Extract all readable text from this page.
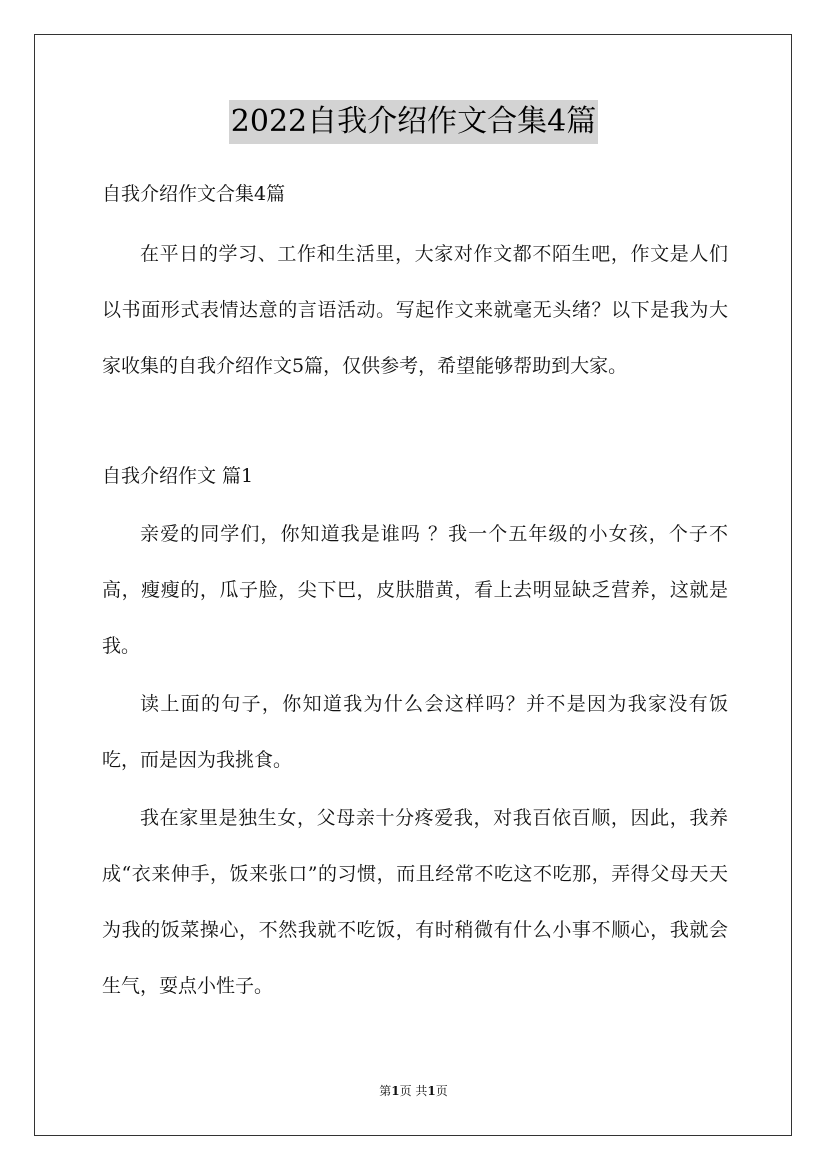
2022自我介绍作文合集4篇

自我介绍作文合集4篇

在平日的学习、工作和生活里，大家对作文都不陌生吧，作文是人们以书面形式表情达意的言语活动。写起作文来就毫无头绪？以下是我为大家收集的自我介绍作文5篇，仅供参考，希望能够帮助到大家。

自我介绍作文 篇1

亲爱的同学们，你知道我是谁吗 ？我一个五年级的小女孩，个子不高，瘦瘦的，瓜子脸，尖下巴，皮肤腊黄，看上去明显缺乏营养，这就是我。

读上面的句子，你知道我为什么会这样吗？并不是因为我家没有饭吃，而是因为我挑食。

我在家里是独生女，父母亲十分疼爱我，对我百依百顺，因此，我养成“衣来伸手，饭来张口”的习惯，而且经常不吃这不吃那，弄得父母天天为我的饭菜操心，不然我就不吃饭，有时稍微有什么小事不顺心，我就会生气，耍点小性子。

第1页 共1页
